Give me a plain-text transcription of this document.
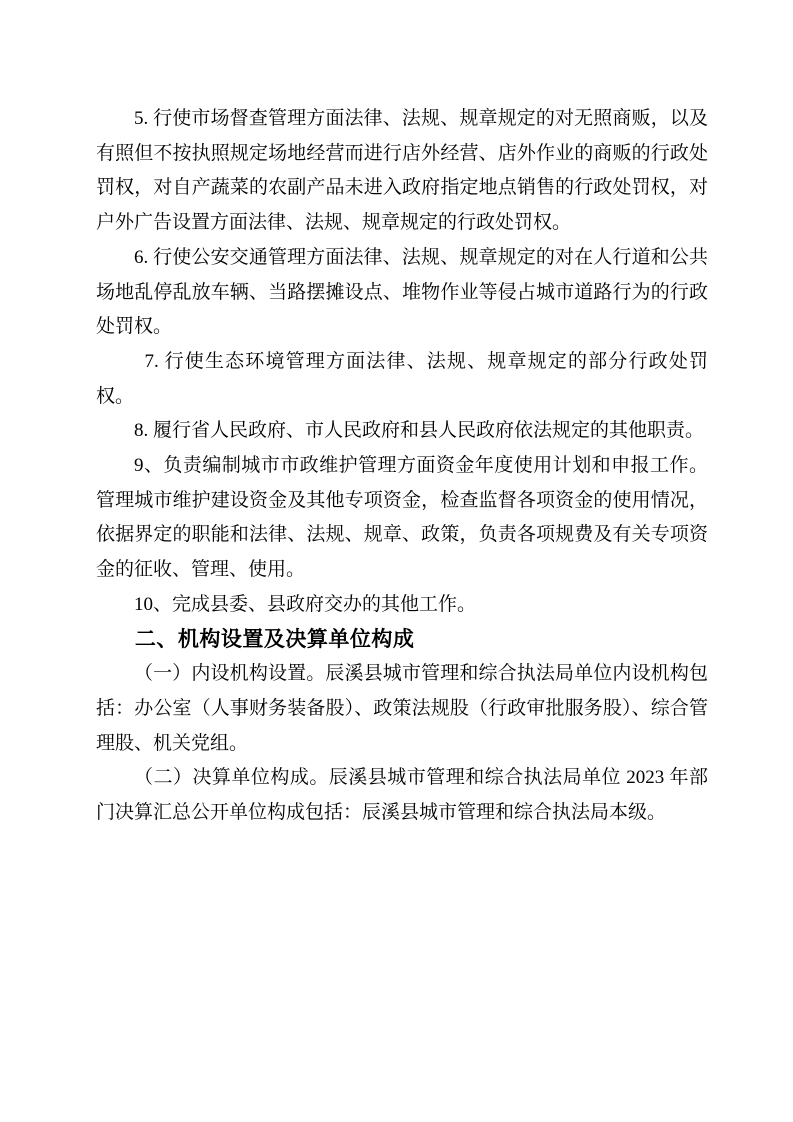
5. 行使市场督查管理方面法律、法规、规章规定的对无照商贩，以及有照但不按执照规定场地经营而进行店外经营、店外作业的商贩的行政处罚权，对自产蔬菜的农副产品未进入政府指定地点销售的行政处罚权，对户外广告设置方面法律、法规、规章规定的行政处罚权。

6. 行使公安交通管理方面法律、法规、规章规定的对在人行道和公共场地乱停乱放车辆、当路摆摊设点、堆物作业等侵占城市道路行为的行政处罚权。

7. 行使生态环境管理方面法律、法规、规章规定的部分行政处罚权。

8. 履行省人民政府、市人民政府和县人民政府依法规定的其他职责。

9、负责编制城市市政维护管理方面资金年度使用计划和申报工作。管理城市维护建设资金及其他专项资金，检查监督各项资金的使用情况，依据界定的职能和法律、法规、规章、政策，负责各项规费及有关专项资金的征收、管理、使用。

10、完成县委、县政府交办的其他工作。

二、机构设置及决算单位构成

（一）内设机构设置。辰溪县城市管理和综合执法局单位内设机构包括：办公室（人事财务装备股）、政策法规股（行政审批服务股）、综合管理股、机关党组。

（二）决算单位构成。辰溪县城市管理和综合执法局单位 2023 年部门决算汇总公开单位构成包括：辰溪县城市管理和综合执法局本级。
